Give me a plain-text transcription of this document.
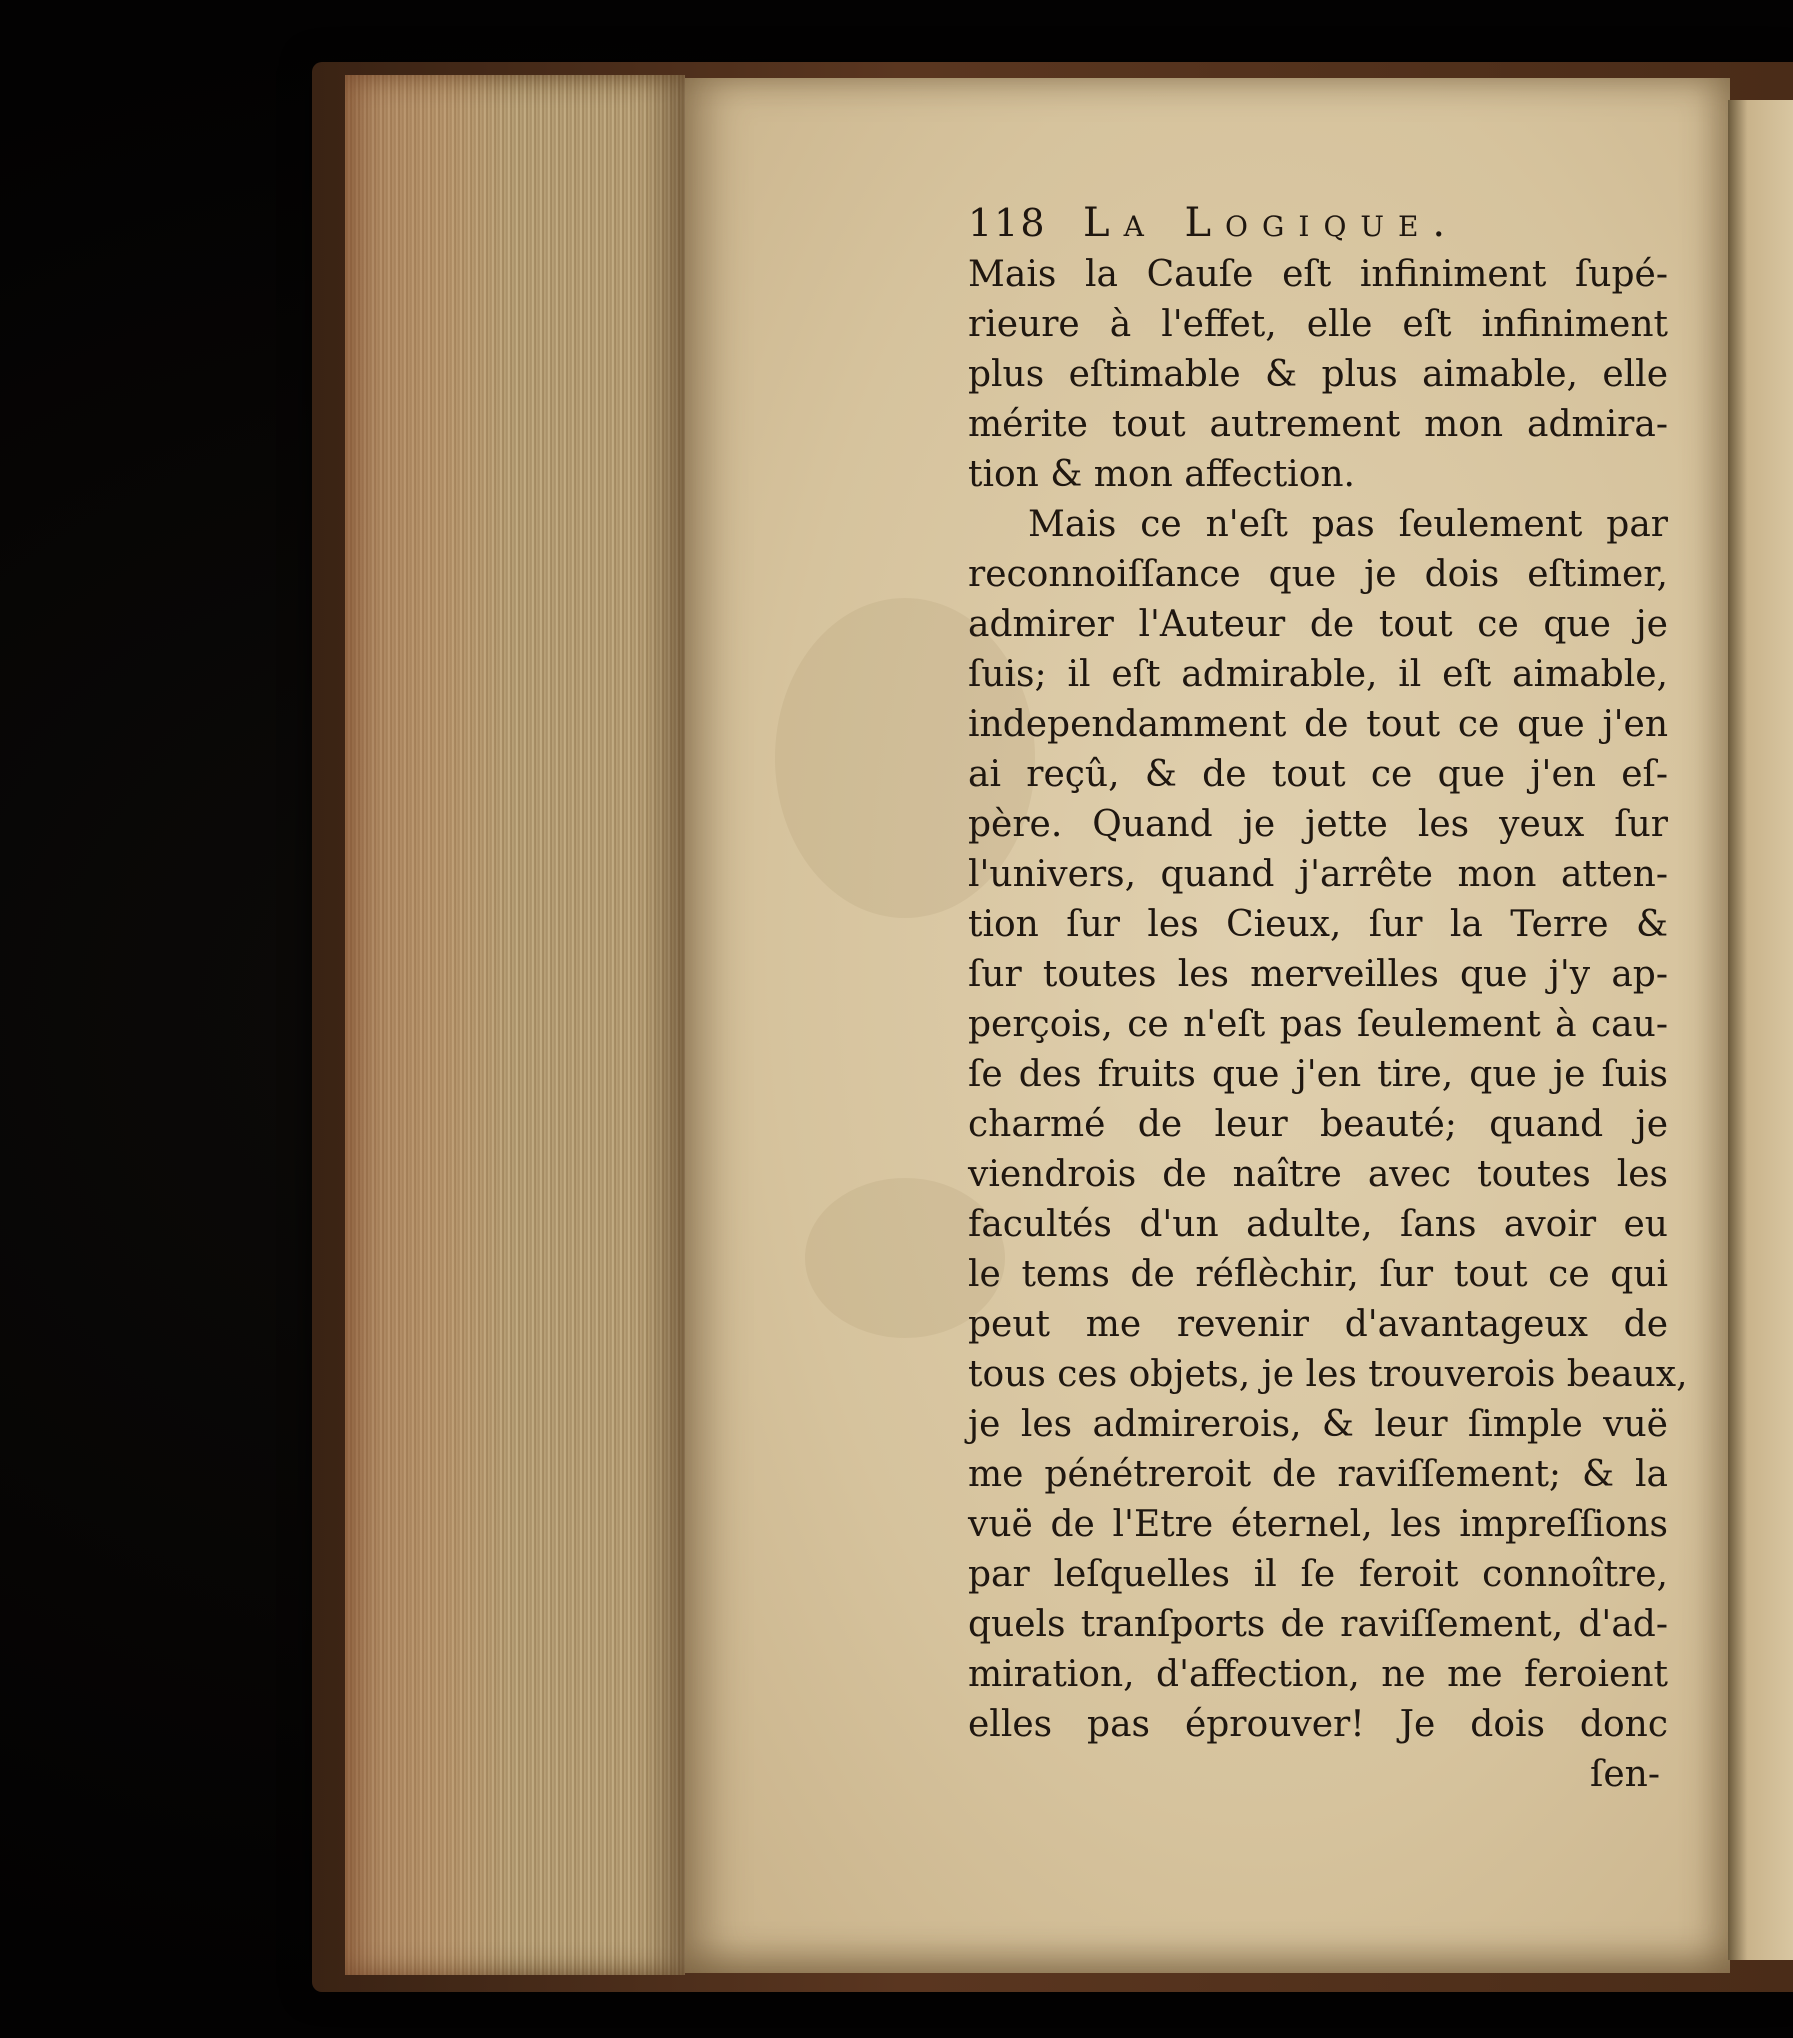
118 La Logique.
Mais la Cauſe eſt infiniment ſupé-
rieure à l'effet, elle eſt infiniment
plus eſtimable & plus aimable, elle
mérite tout autrement mon admira-
tion & mon affection.
Mais ce n'eſt pas ſeulement par
reconnoiſſance que je dois eſtimer,
admirer l'Auteur de tout ce que je
ſuis; il eſt admirable, il eſt aimable,
independamment de tout ce que j'en
ai reçû, & de tout ce que j'en eſ-
père. Quand je jette les yeux ſur
l'univers, quand j'arrête mon atten-
tion ſur les Cieux, ſur la Terre &
ſur toutes les merveilles que j'y ap-
perçois, ce n'eſt pas ſeulement à cau-
ſe des fruits que j'en tire, que je ſuis
charmé de leur beauté; quand je
viendrois de naître avec toutes les
facultés d'un adulte, ſans avoir eu
le tems de réflèchir, ſur tout ce qui
peut me revenir d'avantageux de
tous ces objets, je les trouverois beaux,
je les admirerois, & leur ſimple vuë
me pénétreroit de raviſſement; & la
vuë de l'Etre éternel, les impreſſions
par leſquelles il ſe feroit connoître,
quels tranſports de raviſſement, d'ad-
miration, d'affection, ne me feroient
elles pas éprouver! Je dois donc
ſen-
